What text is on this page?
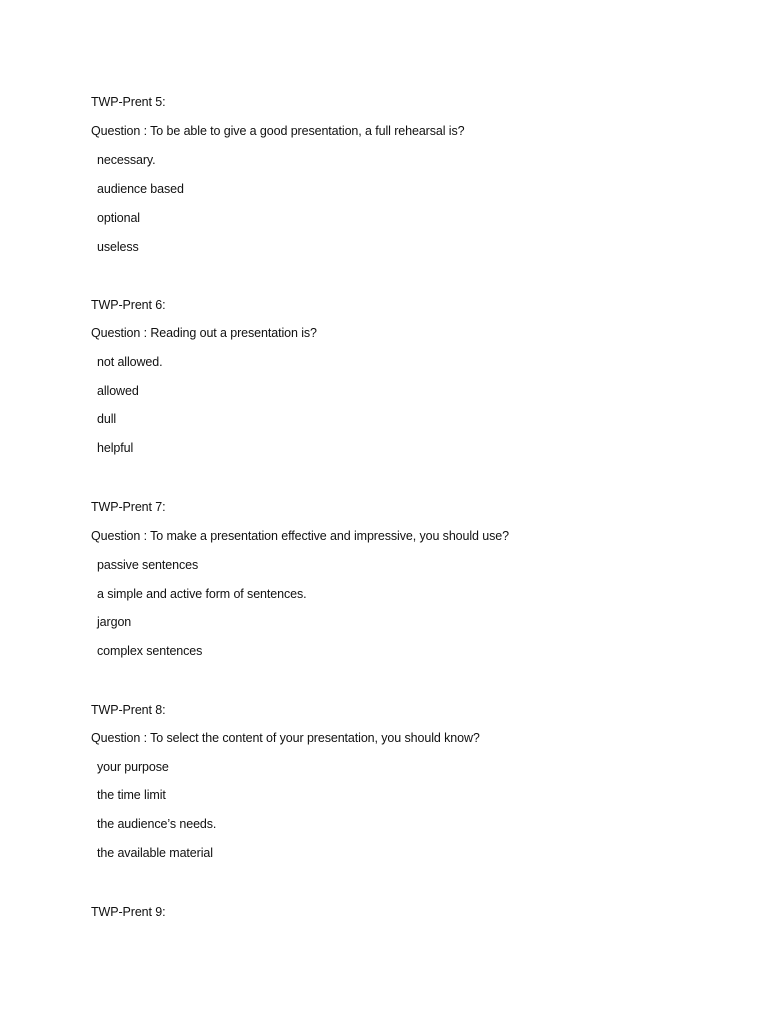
TWP-Prent 5:
Question : To be able to give a good presentation, a full rehearsal is?
necessary.
audience based
optional
useless
TWP-Prent 6:
Question : Reading out a presentation is?
not allowed.
allowed
dull
helpful
TWP-Prent 7:
Question : To make a presentation effective and impressive, you should use?
passive sentences
a simple and active form of sentences.
jargon
complex sentences
TWP-Prent 8:
Question : To select the content of your presentation, you should know?
your purpose
the time limit
the audience’s needs.
the available material
TWP-Prent 9:
